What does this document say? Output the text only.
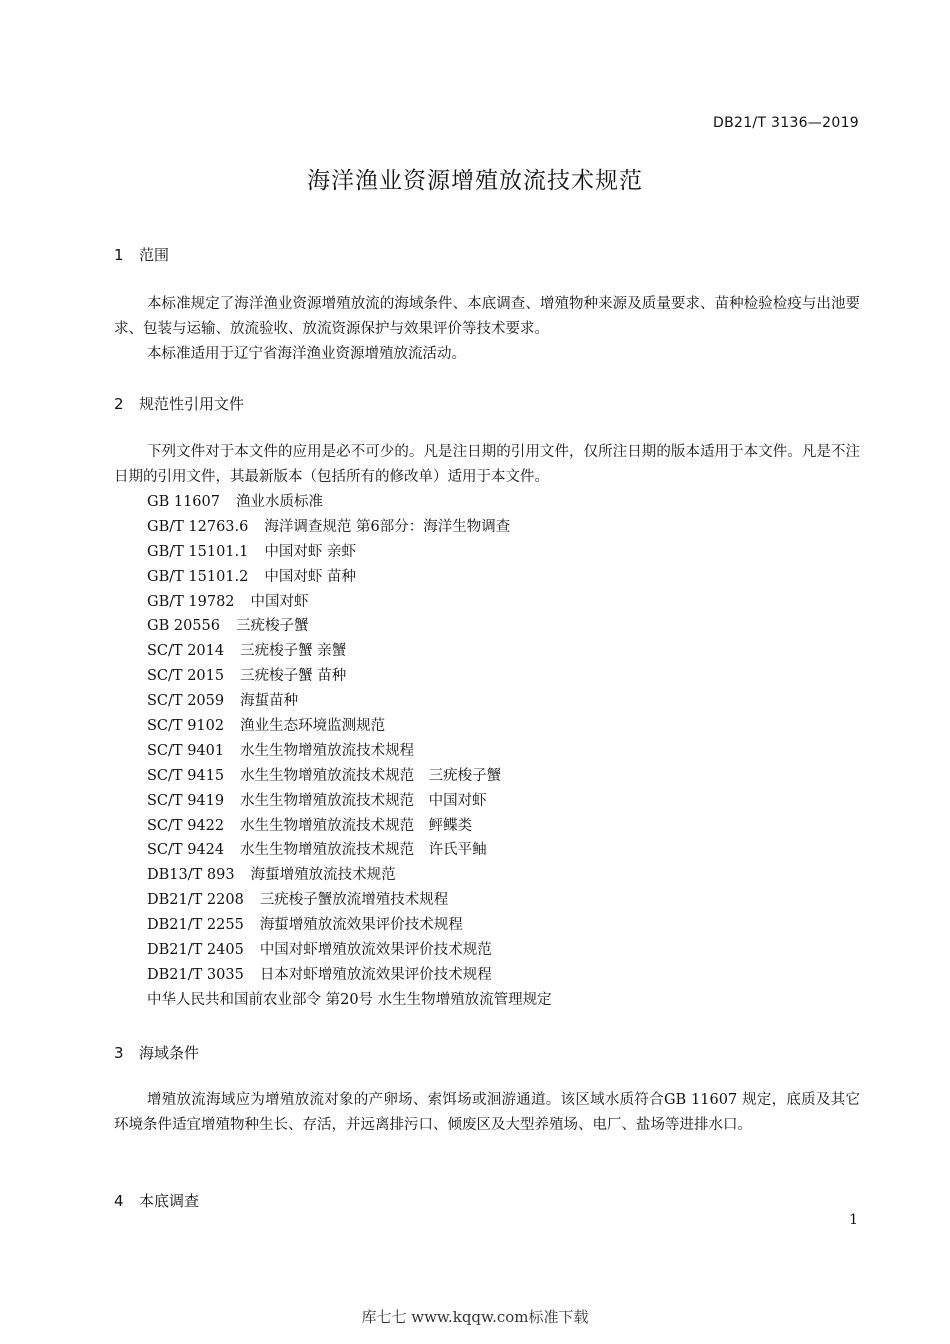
DB21/T 3136—2019
海洋渔业资源增殖放流技术规范
1 范围

本标准规定了海洋渔业资源增殖放流的海域条件、本底调查、增殖物种来源及质量要求、苗种检验检疫与出池要求、包装与运输、放流验收、放流资源保护与效果评价等技术要求。

本标准适用于辽宁省海洋渔业资源增殖放流活动。

2 规范性引用文件

下列文件对于本文件的应用是必不可少的。凡是注日期的引用文件，仅所注日期的版本适用于本文件。凡是不注日期的引用文件，其最新版本（包括所有的修改单）适用于本文件。

GB 11607 渔业水质标准
GB/T 12763.6 海洋调查规范 第6部分：海洋生物调查
GB/T 15101.1 中国对虾 亲虾
GB/T 15101.2 中国对虾 苗种
GB/T 19782 中国对虾
GB 20556 三疣梭子蟹
SC/T 2014 三疣梭子蟹 亲蟹
SC/T 2015 三疣梭子蟹 苗种
SC/T 2059 海蜇苗种
SC/T 9102 渔业生态环境监测规范
SC/T 9401 水生生物增殖放流技术规程
SC/T 9415 水生生物增殖放流技术规范　三疣梭子蟹
SC/T 9419 水生生物增殖放流技术规范　中国对虾
SC/T 9422 水生生物增殖放流技术规范　鲆鲽类
SC/T 9424 水生生物增殖放流技术规范　许氏平鲉
DB13/T 893 海蜇增殖放流技术规范
DB21/T 2208 三疣梭子蟹放流增殖技术规程
DB21/T 2255 海蜇增殖放流效果评价技术规程
DB21/T 2405 中国对虾增殖放流效果评价技术规范
DB21/T 3035 日本对虾增殖放流效果评价技术规程
中华人民共和国前农业部令 第20号 水生生物增殖放流管理规定
3 海域条件

增殖放流海域应为增殖放流对象的产卵场、索饵场或洄游通道。该区域水质符合GB 11607 规定，底质及其它环境条件适宜增殖物种生长、存活，并远离排污口、倾废区及大型养殖场、电厂、盐场等进排水口。

4 本底调查
1
库七七 www.kqqw.com标准下载
